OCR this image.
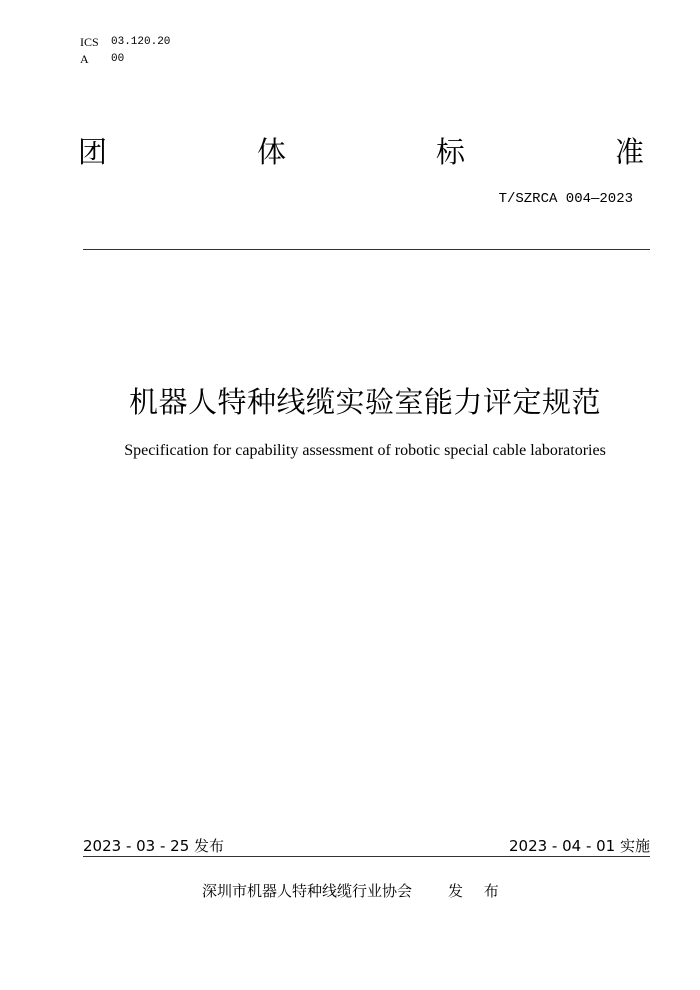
ICS	03.120.20
A	00
团	体	标	准
T/SZRCA 004—2023
机器人特种线缆实验室能力评定规范
Specification for capability assessment of robotic special cable laboratories
2023 - 03 - 25 发布	2023 - 04 - 01 实施
深圳市机器人特种线缆行业协会 发 布
